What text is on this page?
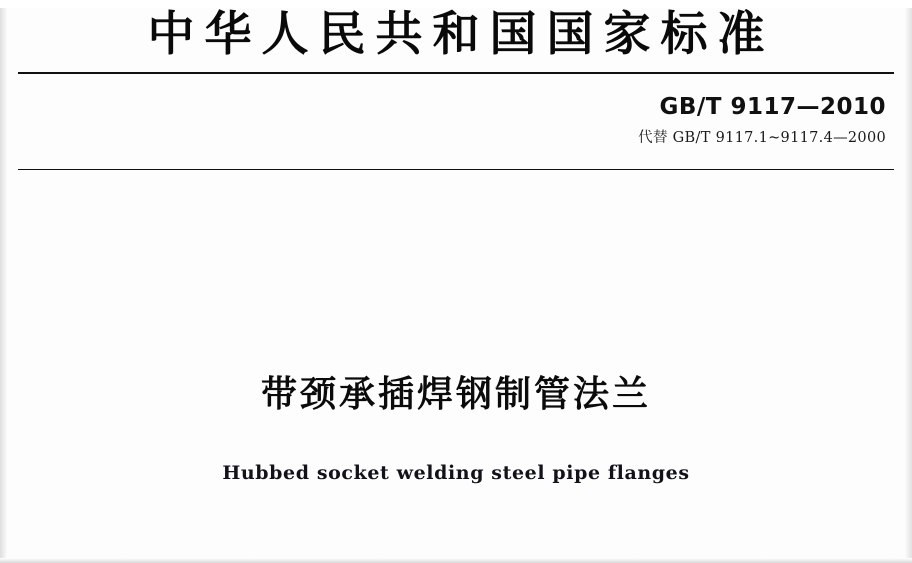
中华人民共和国国家标准
GB/T 9117—2010
代替 GB/T 9117.1~9117.4—2000
带颈承插焊钢制管法兰
Hubbed socket welding steel pipe flanges
